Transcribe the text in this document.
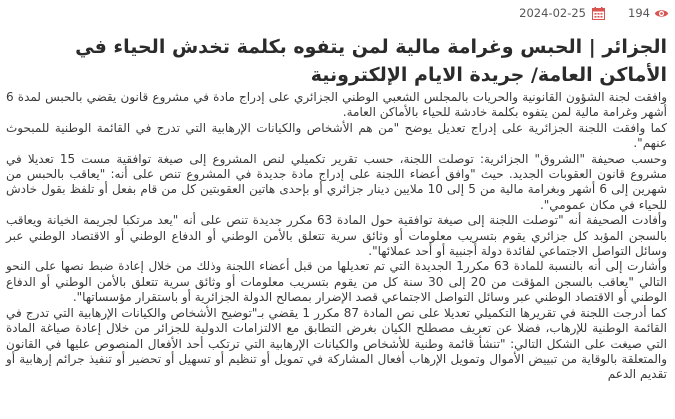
194
2024-02-25
الجزائر | الحبس وغرامة مالية لمن يتفوه بكلمة تخدش الحياء في الأماكن العامة/ جريدة الايام الإلكترونية

وافقت لجنة الشؤون القانونية والحريات بالمجلس الشعبي الوطني الجزائري على إدراج مادة في مشروع قانون يقضي بالحبس لمدة 6 أشهر وغرامة مالية لمن يتفوه بكلمة خادشة للحياء بالأماكن العامة.

كما وافقت اللجنة الجزائرية على إدراج تعديل يوضح "من هم الأشخاص والكيانات الإرهابية التي تدرج في القائمة الوطنية للمبحوث عنهم".

وحسب صحيفة "الشروق" الجزائرية: توصلت اللجنة، حسب تقرير تكميلي لنص المشروع إلى صيغة توافقية مست 15 تعديلا في مشروع قانون العقوبات الجديد. حيث "وافق أعضاء اللجنة على إدراج مادة جديدة في المشروع تنص على أنه: "يعاقب بالحبس من شهرين إلى 6 أشهر وبغرامة مالية من 5 إلى 10 ملايين دينار جزائري أو بإحدى هاتين العقوبتين كل من قام بفعل أو تلفظ بقول خادش للحياء في مكان عمومي".

وأفادت الصحيفة أنه "توصلت اللجنة إلى صيغة توافقية حول المادة 63 مكرر جديدة تنص على أنه "يعد مرتكبا لجريمة الخيانة ويعاقب بالسجن المؤبد كل جزائري يقوم بتسريب معلومات أو وثائق سرية تتعلق بالأمن الوطني أو الدفاع الوطني أو الاقتصاد الوطني عبر وسائل التواصل الاجتماعي لفائدة دولة أجنبية أو أحد عملائها".

وأشارت إلى أنه بالنسبة للمادة 63 مكرر1 الجديدة التي تم تعديلها من قبل أعضاء اللجنة وذلك من خلال إعادة ضبط نصها على النحو التالي "يعاقب بالسجن المؤقت من 20 إلى 30 سنة كل من يقوم بتسريب معلومات أو وثائق سرية تتعلق بالأمن الوطني أو الدفاع الوطني أو الاقتصاد الوطني عبر وسائل التواصل الاجتماعي قصد الإضرار بمصالح الدولة الجزائرية أو باستقرار مؤسساتها".

كما أدرجت اللجنة في تقريرها التكميلي تعديلا على نص المادة 87 مكرر 1 يقضي بـ"توضيح الأشخاص والكيانات الإرهابية التي تدرج في القائمة الوطنية للإرهاب، فضلا عن تعريف مصطلح الكيان بغرض التطابق مع الالتزامات الدولية للجزائر من خلال إعادة صياغة المادة التي صيغت على الشكل التالي: "تنشأ قائمة وطنية للأشخاص والكيانات الإرهابية التي ترتكب أحد الأفعال المنصوص عليها في القانون والمتعلقة بالوقاية من تبييض الأموال وتمويل الإرهاب أفعال المشاركة في تمويل أو تنظيم أو تسهيل أو تحضير أو تنفيذ جرائم إرهابية أو تقديم الدعم
